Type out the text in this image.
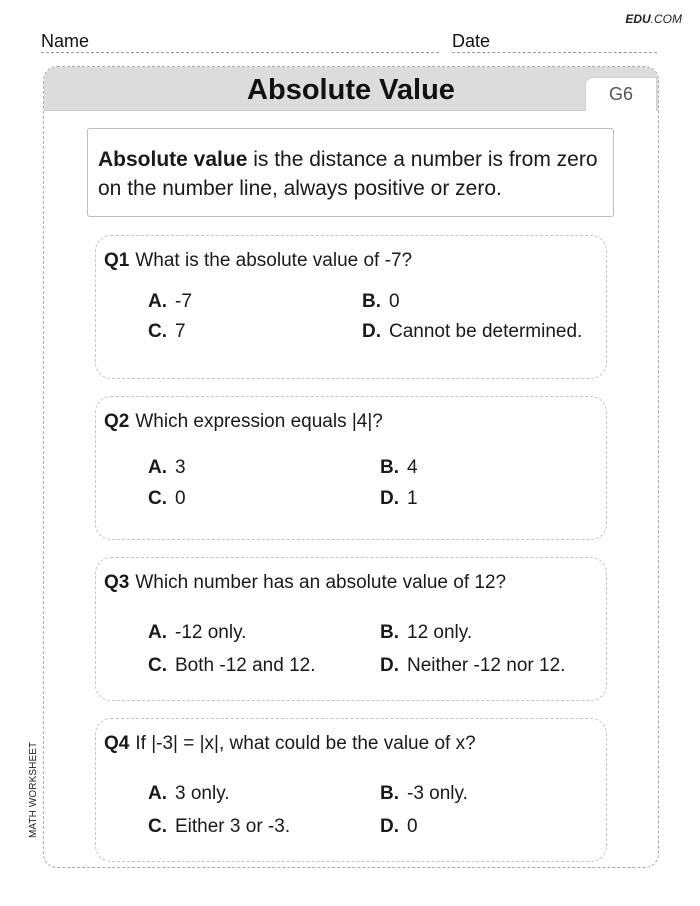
EDU.COM
Name	Date
MATH WORKSHEET
Absolute Value	G6
Absolute value is the distance a number is from zero on the number line, always positive or zero.
Q1 What is the absolute value of -7?
A. -7	B. 0
C. 7	D. Cannot be determined.
Q2 Which expression equals |4|?
A. 3	B. 4
C. 0	D. 1
Q3 Which number has an absolute value of 12?
A. -12 only.	B. 12 only.
C. Both -12 and 12.	D. Neither -12 nor 12.
Q4 If |-3| = |x|, what could be the value of x?
A. 3 only.	B. -3 only.
C. Either 3 or -3.	D. 0
